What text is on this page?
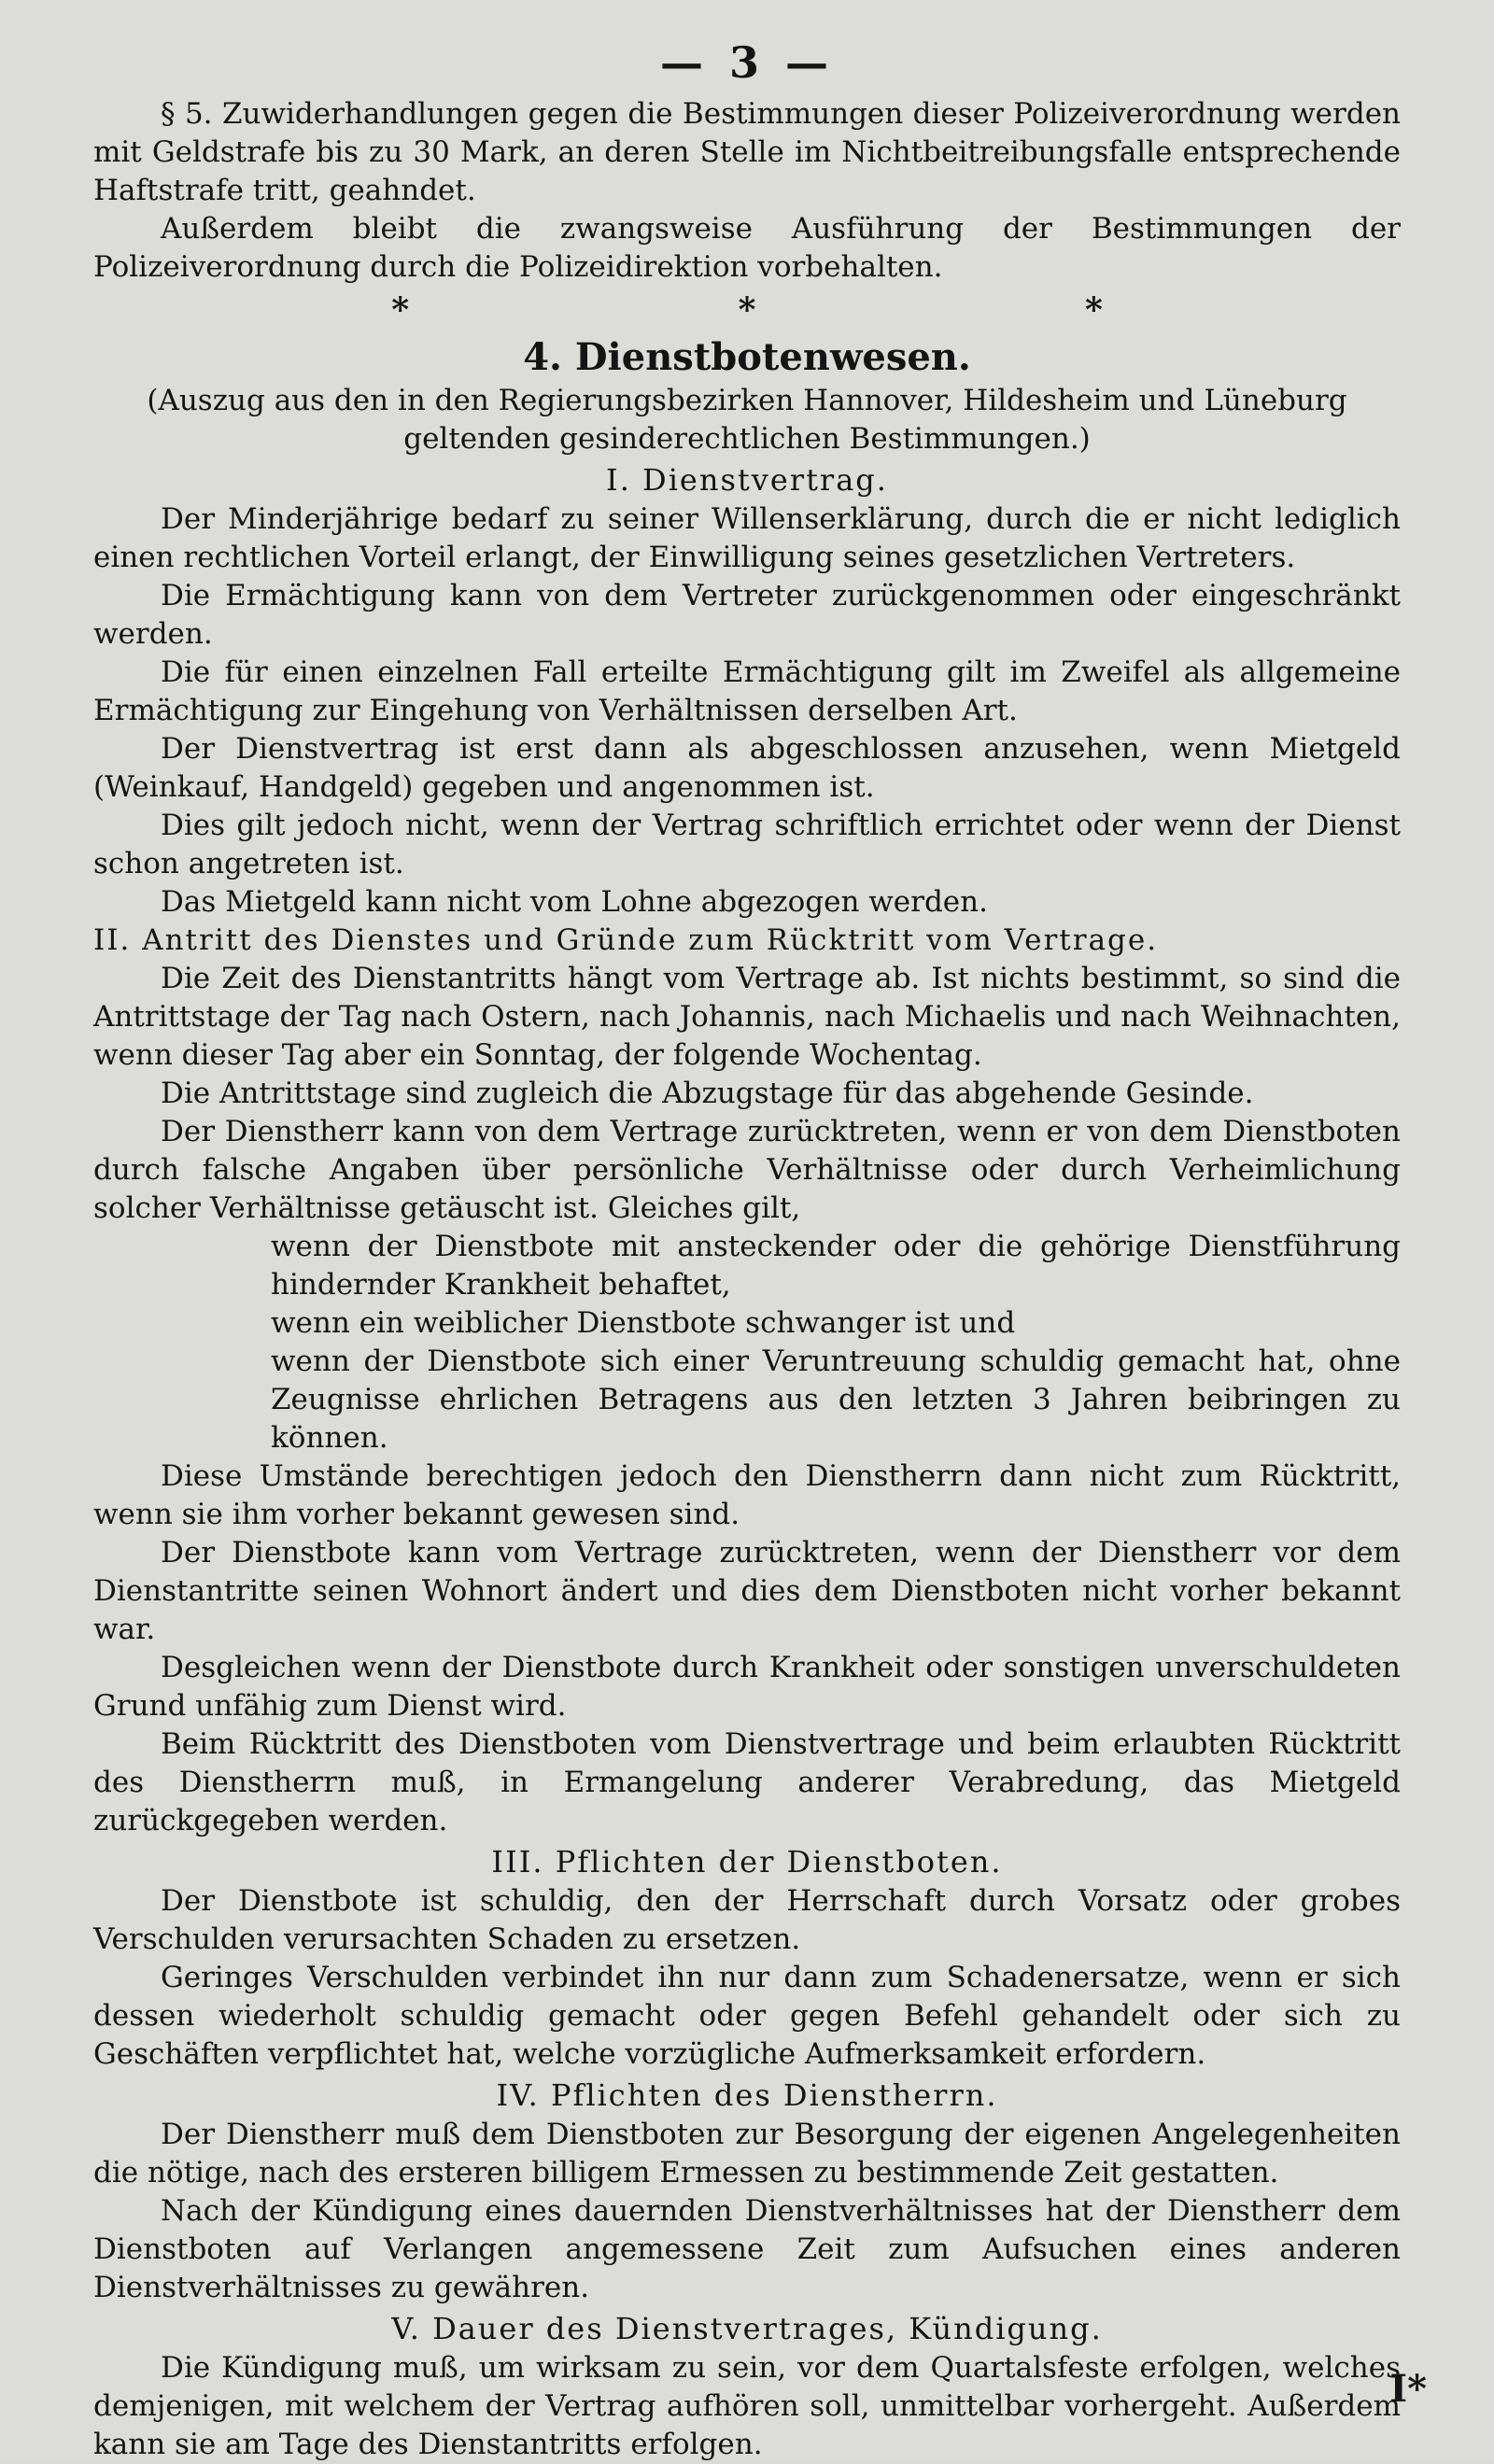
— 3 —

§ 5. Zuwiderhandlungen gegen die Bestimmungen dieser Polizeiverordnung werden mit Geldstrafe bis zu 30 Mark, an deren Stelle im Nichtbeitreibungsfalle entsprechende Haftstrafe tritt, geahndet.

Außerdem bleibt die zwangsweise Ausführung der Bestimmungen der Polizeiverordnung durch die Polizeidirektion vorbehalten.

* * *
4. Dienstbotenwesen.
(Auszug aus den in den Regierungsbezirken Hannover, Hildesheim und Lüneburg geltenden gesinderechtlichen Bestimmungen.)
I. Dienstvertrag.

Der Minderjährige bedarf zu seiner Willenserklärung, durch die er nicht lediglich einen rechtlichen Vorteil erlangt, der Einwilligung seines gesetzlichen Vertreters.

Die Ermächtigung kann von dem Vertreter zurückgenommen oder eingeschränkt werden.

Die für einen einzelnen Fall erteilte Ermächtigung gilt im Zweifel als allgemeine Ermächtigung zur Eingehung von Verhältnissen derselben Art.

Der Dienstvertrag ist erst dann als abgeschlossen anzusehen, wenn Mietgeld (Weinkauf, Handgeld) gegeben und angenommen ist.

Dies gilt jedoch nicht, wenn der Vertrag schriftlich errichtet oder wenn der Dienst schon angetreten ist.

Das Mietgeld kann nicht vom Lohne abgezogen werden.

II. Antritt des Dienstes und Gründe zum Rücktritt vom Vertrage.

Die Zeit des Dienstantritts hängt vom Vertrage ab. Ist nichts bestimmt, so sind die Antrittstage der Tag nach Ostern, nach Johannis, nach Michaelis und nach Weihnachten, wenn dieser Tag aber ein Sonntag, der folgende Wochentag.

Die Antrittstage sind zugleich die Abzugstage für das abgehende Gesinde.

Der Dienstherr kann von dem Vertrage zurücktreten, wenn er von dem Dienstboten durch falsche Angaben über persönliche Verhältnisse oder durch Verheimlichung solcher Verhältnisse getäuscht ist. Gleiches gilt,

wenn der Dienstbote mit ansteckender oder die gehörige Dienstführung hindernder Krankheit behaftet,

wenn ein weiblicher Dienstbote schwanger ist und

wenn der Dienstbote sich einer Veruntreuung schuldig gemacht hat, ohne Zeugnisse ehrlichen Betragens aus den letzten 3 Jahren beibringen zu können.

Diese Umstände berechtigen jedoch den Dienstherrn dann nicht zum Rücktritt, wenn sie ihm vorher bekannt gewesen sind.

Der Dienstbote kann vom Vertrage zurücktreten, wenn der Dienstherr vor dem Dienstantritte seinen Wohnort ändert und dies dem Dienstboten nicht vorher bekannt war.

Desgleichen wenn der Dienstbote durch Krankheit oder sonstigen unverschuldeten Grund unfähig zum Dienst wird.

Beim Rücktritt des Dienstboten vom Dienstvertrage und beim erlaubten Rücktritt des Dienstherrn muß, in Ermangelung anderer Verabredung, das Mietgeld zurückgegeben werden.

III. Pflichten der Dienstboten.

Der Dienstbote ist schuldig, den der Herrschaft durch Vorsatz oder grobes Verschulden verursachten Schaden zu ersetzen.

Geringes Verschulden verbindet ihn nur dann zum Schadenersatze, wenn er sich dessen wiederholt schuldig gemacht oder gegen Befehl gehandelt oder sich zu Geschäften verpflichtet hat, welche vorzügliche Aufmerksamkeit erfordern.

IV. Pflichten des Dienstherrn.

Der Dienstherr muß dem Dienstboten zur Besorgung der eigenen Angelegenheiten die nötige, nach des ersteren billigem Ermessen zu bestimmende Zeit gestatten.

Nach der Kündigung eines dauernden Dienstverhältnisses hat der Dienstherr dem Dienstboten auf Verlangen angemessene Zeit zum Aufsuchen eines anderen Dienstverhältnisses zu gewähren.

V. Dauer des Dienstvertrages, Kündigung.

Die Kündigung muß, um wirksam zu sein, vor dem Quartalsfeste erfolgen, welches demjenigen, mit welchem der Vertrag aufhören soll, unmittelbar vorhergeht. Außerdem kann sie am Tage des Dienstantritts erfolgen.

I*
